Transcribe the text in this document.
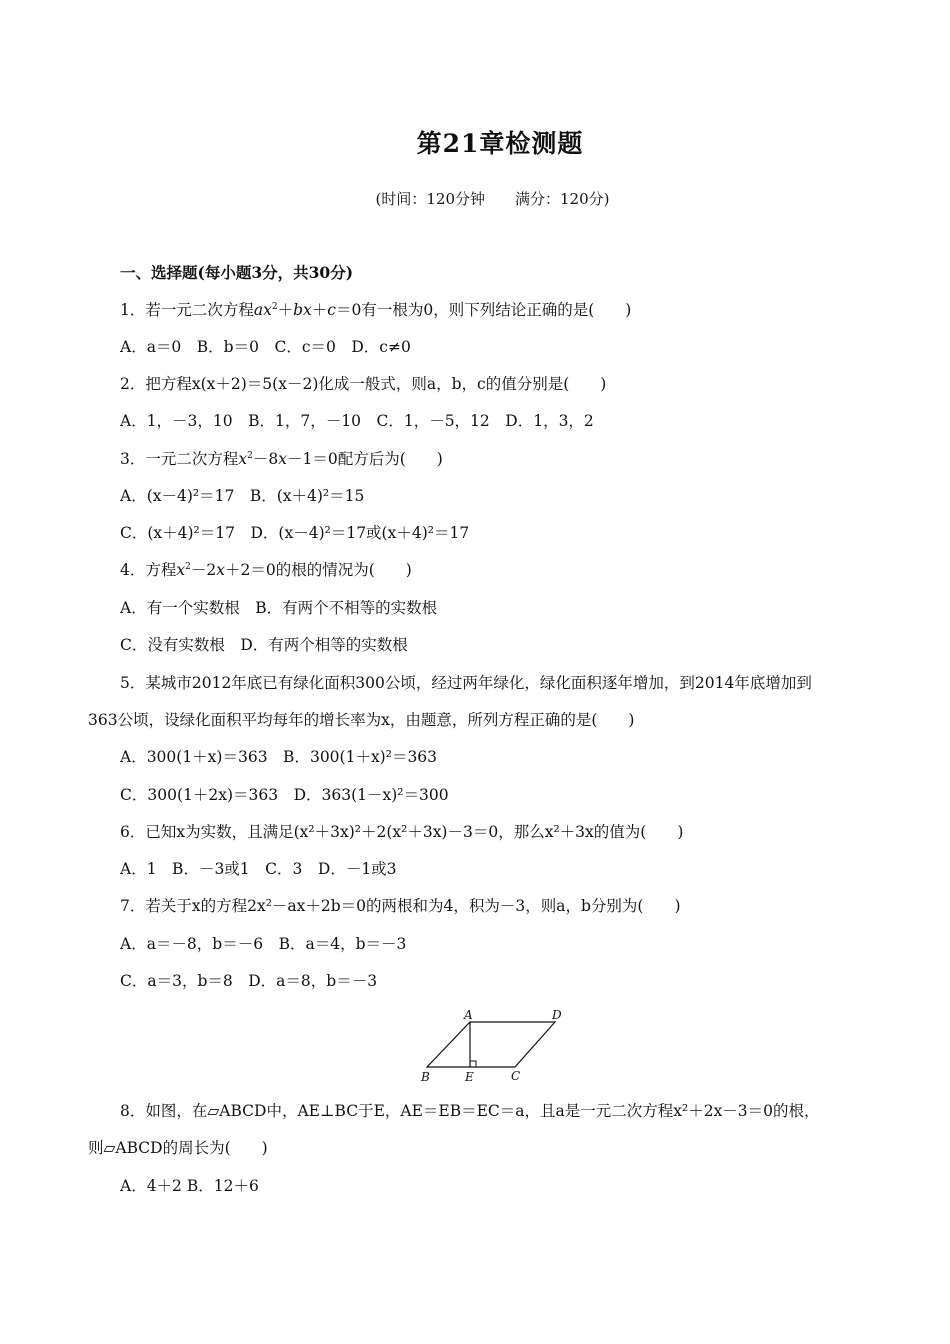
第21章检测题
(时间：120分钟　　满分：120分)
一、选择题(每小题3分，共30分)
1．若一元二次方程$ax^2+bx+c=0$有一根为0，则下列结论正确的是(　　)
A．a＝0　B．b＝0　C．c＝0　D．c≠0
2．把方程x(x＋2)＝5(x－2)化成一般式，则a，b，c的值分别是(　　)
A．1，－3，10　B．1，7，－10　C．1，－5，12　D．1，3，2
3．一元二次方程$x^2-8x-1=0$配方后为(　　)
A．(x－4)²＝17　B．(x＋4)²＝15
C．(x＋4)²＝17　D．(x－4)²＝17或(x＋4)²＝17
4．方程$x^2-2x+2=0$的根的情况为(　　)
A．有一个实数根　B．有两个不相等的实数根
C．没有实数根　D．有两个相等的实数根
5．某城市2012年底已有绿化面积300公顷，经过两年绿化，绿化面积逐年增加，到2014年底增加到
363公顷，设绿化面积平均每年的增长率为x，由题意，所列方程正确的是(　　)
A．300(1＋x)＝363　B．300(1＋x)²＝363
C．300(1＋2x)＝363　D．363(1－x)²＝300
6．已知x为实数，且满足(x²＋3x)²＋2(x²＋3x)－3＝0，那么x²＋3x的值为(　　)
A．1　B．－3或1　C．3　D．－1或3
7．若关于x的方程2x²－ax＋2b＝0的两根和为4，积为－3，则a，b分别为(　　)
A．a＝－8，b＝－6　B．a＝4，b＝－3
C．a＝3，b＝8　D．a＝8，b＝－3
A	D
B	E	C
8．如图，在▱ABCD中，AE⊥BC于E，AE＝EB＝EC＝a，且a是一元二次方程x²＋2x－3＝0的根，
则▱ABCD的周长为(　　)
A．4＋2 B．12＋6
